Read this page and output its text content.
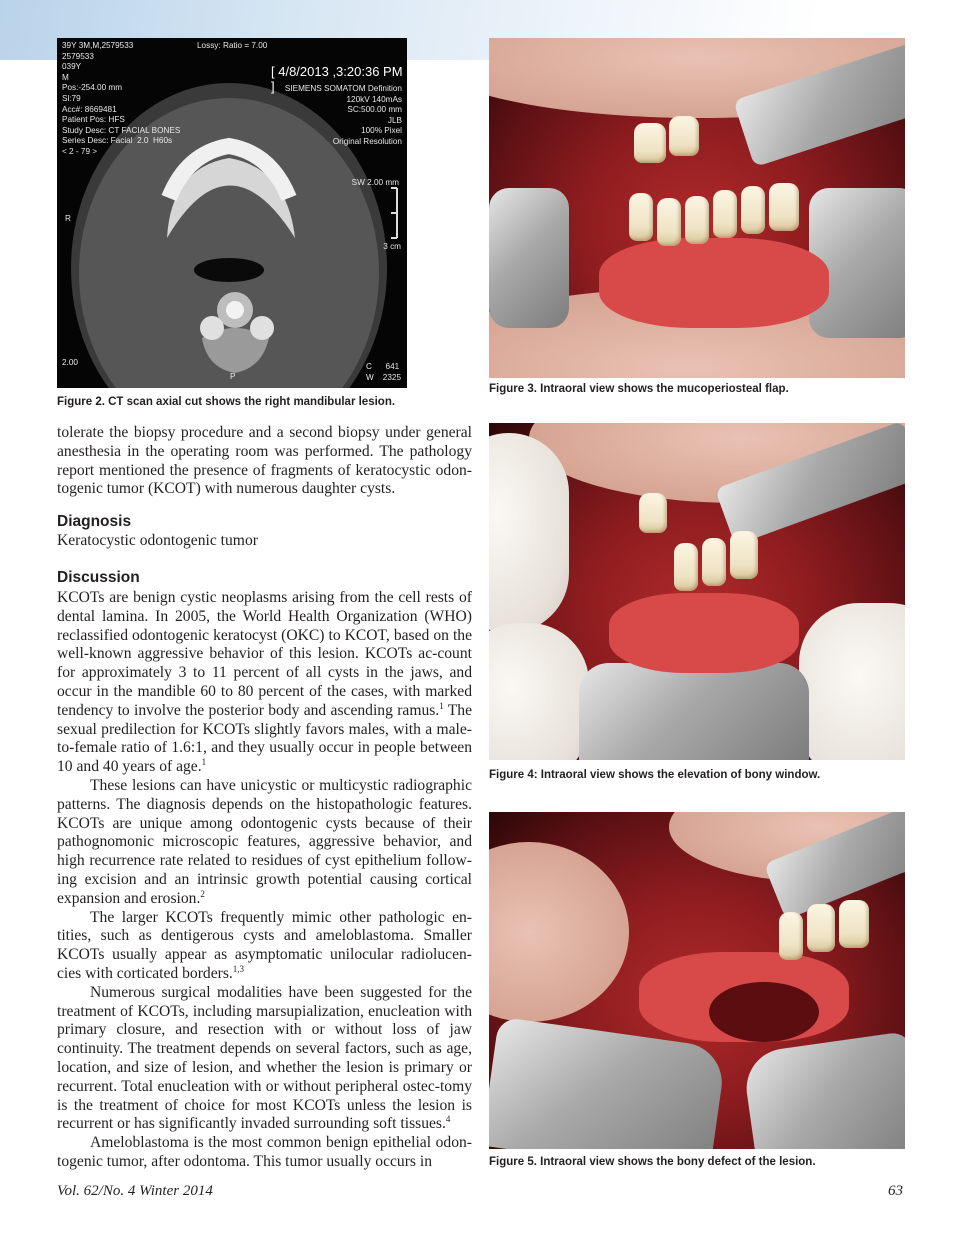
39Y 3M,M,2579533
2579533
039Y
M
Pos:-254.00 mm
Sl:79
Acc#: 8669481
Patient Pos: HFS
Study Desc: CT FACIAL BONES
Series Desc: Facial  2.0  H60s
< 2 - 79 >
Lossy: Ratio = 7.00
[ 4/8/2013 ,3:20:36 PM ]	SIEMENS SOMATOM Definition
120kV 140mAs
SC:500.00 mm
JLB
100% Pixel
Original Resolution
SW 2.00 mm
R
3 cm
2.00
P
C      641
W    2325
Figure 2. CT scan axial cut shows the right mandibular lesion.
Figure 3. Intraoral view shows the mucoperiosteal flap.
Figure 4: Intraoral view shows the elevation of bony window.
Figure 5. Intraoral view shows the bony defect of the lesion.

tolerate the biopsy procedure and a second biopsy under general anesthesia in the operating room was performed. The pathology report mentioned the presence of fragments of keratocystic odon-togenic tumor (KCOT) with numerous daughter cysts.

Diagnosis
Keratocystic odontogenic tumor
Discussion

KCOTs are benign cystic neoplasms arising from the cell rests of dental lamina. In 2005, the World Health Organization (WHO) reclassified odontogenic keratocyst (OKC) to KCOT, based on the well-known aggressive behavior of this lesion. KCOTs ac-count for approximately 3 to 11 percent of all cysts in the jaws, and occur in the mandible 60 to 80 percent of the cases, with marked tendency to involve the posterior body and ascending ramus.$^1$ The sexual predilection for KCOTs slightly favors males, with a male-to-female ratio of 1.6:1, and they usually occur in people between 10 and 40 years of age.$^1$

These lesions can have unicystic or multicystic radiographic patterns. The diagnosis depends on the histopathologic features. KCOTs are unique among odontogenic cysts because of their pathognomonic microscopic features, aggressive behavior, and high recurrence rate related to residues of cyst epithelium follow-ing excision and an intrinsic growth potential causing cortical expansion and erosion.$^2$

The larger KCOTs frequently mimic other pathologic en-tities, such as dentigerous cysts and ameloblastoma. Smaller KCOTs usually appear as asymptomatic unilocular radiolucen-cies with corticated borders.$^{1,3}$

Numerous surgical modalities have been suggested for the treatment of KCOTs, including marsupialization, enucleation with primary closure, and resection with or without loss of jaw continuity. The treatment depends on several factors, such as age, location, and size of lesion, and whether the lesion is primary or recurrent. Total enucleation with or without peripheral ostec-tomy is the treatment of choice for most KCOTs unless the lesion is recurrent or has significantly invaded surrounding soft tissues.$^4$

Ameloblastoma is the most common benign epithelial odon-togenic tumor, after odontoma. This tumor usually occurs in

Vol. 62/No. 4 Winter 2014	63
